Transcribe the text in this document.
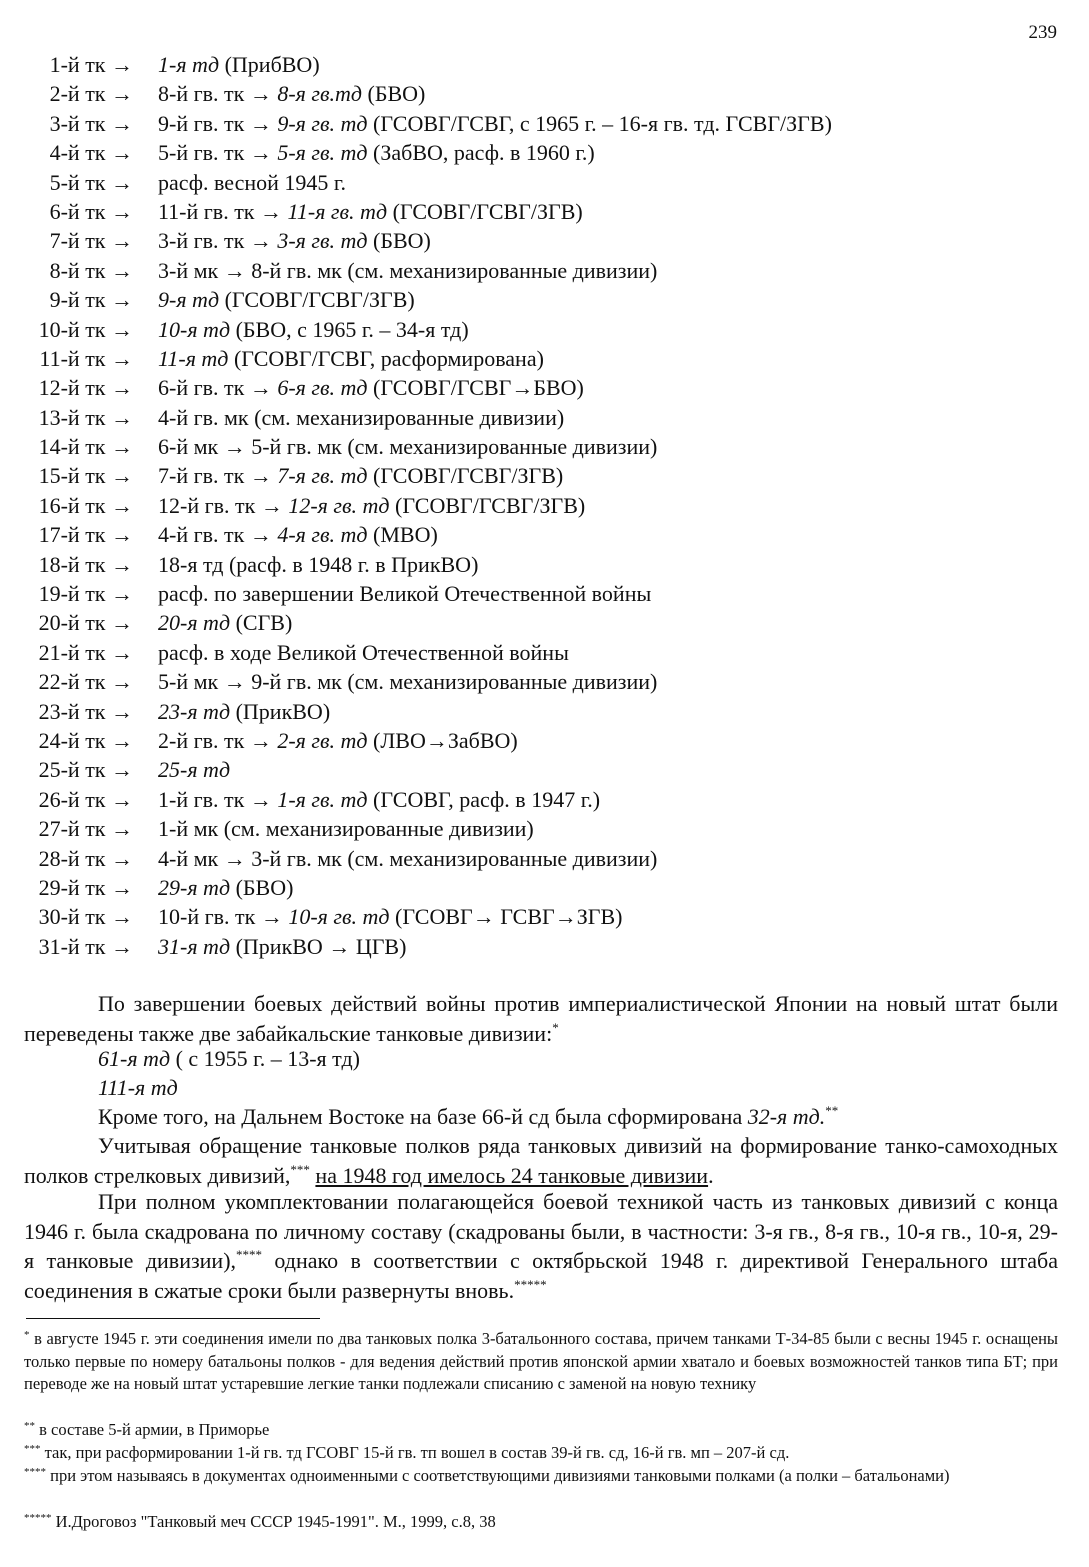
239
1-й тк → 1-я тд (ПрибВО)
2-й тк → 8-й гв. тк → 8-я гв.тд (БВО)
3-й тк → 9-й гв. тк → 9-я гв. тд (ГСОВГ/ГСВГ, с 1965 г. – 16-я гв. тд. ГСВГ/ЗГВ)
4-й тк → 5-й гв. тк → 5-я гв. тд (ЗабВО, расф. в 1960 г.)
5-й тк → расф. весной 1945 г.
6-й тк → 11-й гв. тк → 11-я гв. тд (ГСОВГ/ГСВГ/ЗГВ)
7-й тк → 3-й гв. тк → 3-я гв. тд (БВО)
8-й тк → 3-й мк → 8-й гв. мк (см. механизированные дивизии)
9-й тк → 9-я тд (ГСОВГ/ГСВГ/ЗГВ)
10-й тк → 10-я тд (БВО, с 1965 г. – 34-я тд)
11-й тк → 11-я тд (ГСОВГ/ГСВГ, расформирована)
12-й тк → 6-й гв. тк → 6-я гв. тд (ГСОВГ/ГСВГ→БВО)
13-й тк → 4-й гв. мк (см. механизированные дивизии)
14-й тк → 6-й мк → 5-й гв. мк (см. механизированные дивизии)
15-й тк → 7-й гв. тк → 7-я гв. тд (ГСОВГ/ГСВГ/ЗГВ)
16-й тк → 12-й гв. тк → 12-я гв. тд (ГСОВГ/ГСВГ/ЗГВ)
17-й тк → 4-й гв. тк → 4-я гв. тд (МВО)
18-й тк → 18-я тд (расф. в 1948 г. в ПрикВО)
19-й тк → расф. по завершении Великой Отечественной войны
20-й тк → 20-я тд (СГВ)
21-й тк → расф. в ходе Великой Отечественной войны
22-й тк → 5-й мк → 9-й гв. мк (см. механизированные дивизии)
23-й тк → 23-я тд (ПрикВО)
24-й тк → 2-й гв. тк → 2-я гв. тд (ЛВО→ЗабВО)
25-й тк → 25-я тд
26-й тк → 1-й гв. тк → 1-я гв. тд (ГСОВГ, расф. в 1947 г.)
27-й тк → 1-й мк (см. механизированные дивизии)
28-й тк → 4-й мк → 3-й гв. мк (см. механизированные дивизии)
29-й тк → 29-я тд (БВО)
30-й тк → 10-й гв. тк → 10-я гв. тд (ГСОВГ→ ГСВГ→ЗГВ)
31-й тк → 31-я тд (ПрикВО → ЦГВ)
По завершении боевых действий войны против империалистической Японии на новый штат были переведены также две забайкальские танковые дивизии:*
61-я тд ( с 1955 г. – 13-я тд)
111-я тд
Кроме того, на Дальнем Востоке на базе 66-й сд была сформирована 32-я тд.**
Учитывая обращение танковые полков ряда танковых дивизий на формирование танко-самоходных полков стрелковых дивизий,*** на 1948 год имелось 24 танковые дивизии.
При полном укомплектовании полагающейся боевой техникой часть из танковых дивизий с конца 1946 г. была скадрована по личному составу (скадрованы были, в частности: 3-я гв., 8-я гв., 10-я гв., 10-я, 29-я танковые дивизии),**** однако в соответствии с октябрьской 1948 г. директивой Генерального штаба соединения в сжатые сроки были развернуты вновь.*****
* в августе 1945 г. эти соединения имели по два танковых полка 3-батальонного состава, причем танками Т-34-85 были с весны 1945 г. оснащены только первые по номеру батальоны полков - для ведения действий против японской армии хватало и боевых возможностей танков типа БТ; при переводе же на новый штат устаревшие легкие танки подлежали списанию с заменой на новую технику
** в составе 5-й армии, в Приморье
*** так, при расформировании 1-й гв. тд ГСОВГ 15-й гв. тп вошел в состав 39-й гв. сд, 16-й гв. мп – 207-й сд.
**** при этом называясь в документах одноименными с соответствующими дивизиями танковыми полками (а полки – батальонами)
***** И.Дроговоз "Танковый меч СССР 1945-1991". М., 1999, с.8, 38
